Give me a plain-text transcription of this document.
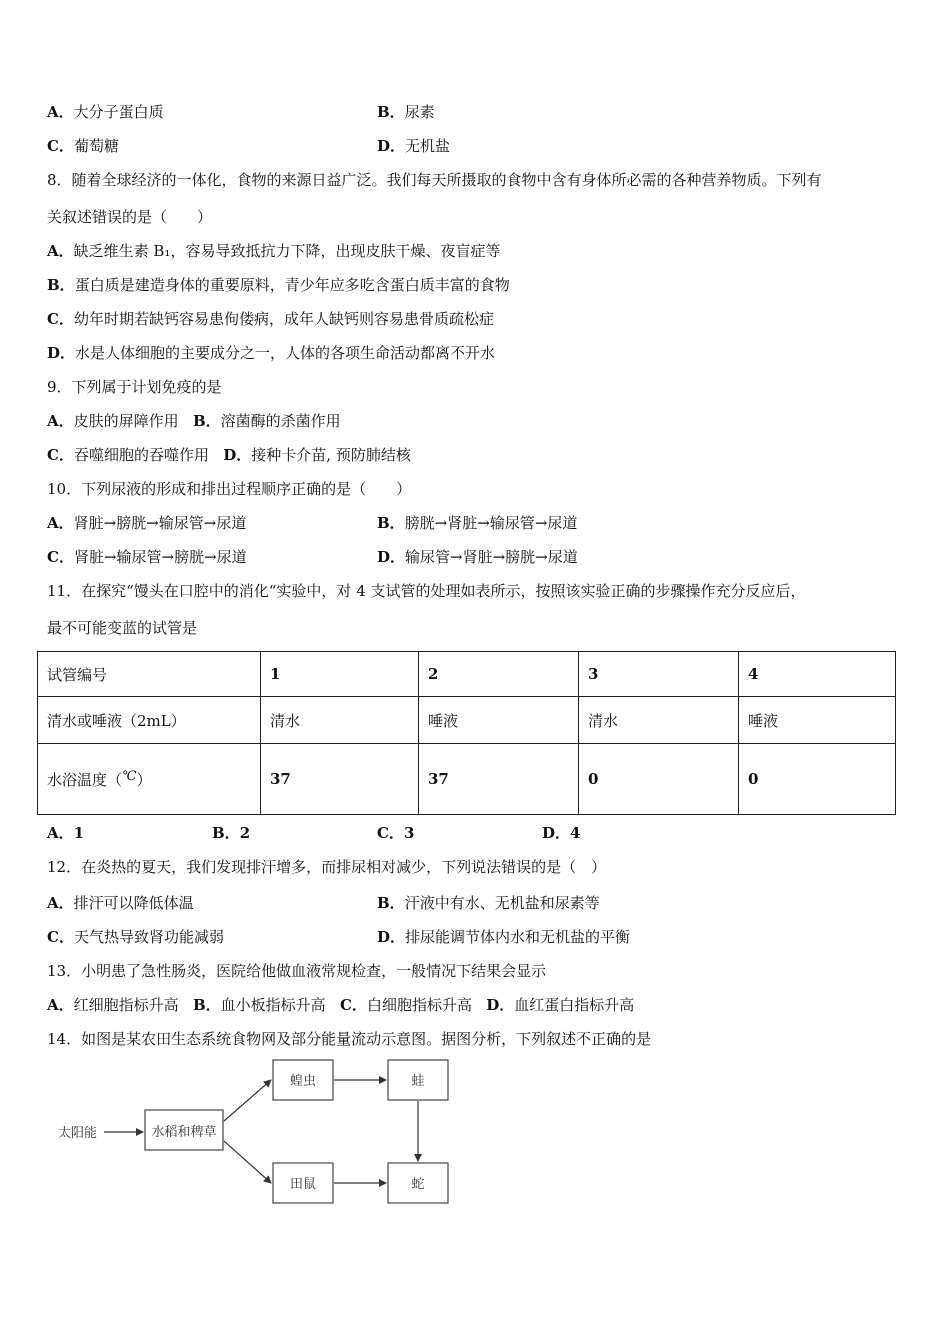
A．大分子蛋白质	B．尿素
C．葡萄糖	D．无机盐
8．随着全球经济的一体化，食物的来源日益广泛。我们每天所摄取的食物中含有身体所必需的各种营养物质。下列有
关叙述错误的是（　　）
A．缺乏维生素 B₁，容易导致抵抗力下降，出现皮肤干燥、夜盲症等
B．蛋白质是建造身体的重要原料，青少年应多吃含蛋白质丰富的食物
C．幼年时期若缺钙容易患佝偻病，成年人缺钙则容易患骨质疏松症
D．水是人体细胞的主要成分之一，人体的各项生命活动都离不开水
9．下列属于计划免疫的是
A．皮肤的屏障作用 B．溶菌酶的杀菌作用
C．吞噬细胞的吞噬作用 D．接种卡介苗, 预防肺结核
10．下列尿液的形成和排出过程顺序正确的是（　　）
A．肾脏→膀胱→输尿管→尿道	B．膀胱→肾脏→输尿管→尿道
C．肾脏→输尿管→膀胱→尿道	D．输尿管→肾脏→膀胱→尿道
11．在探究“馒头在口腔中的消化“实验中，对 4 支试管的处理如表所示，按照该实验正确的步骤操作充分反应后，
最不可能变蓝的试管是
试管编号	1	2	3	4
清水或唾液（2mL）	清水	唾液	清水	唾液
水浴温度（℃）	37	37	0	0
A．1	B．2	C．3	D．4
12．在炎热的夏天，我们发现排汗增多，而排尿相对减少，下列说法错误的是（　）
A．排汗可以降低体温	B．汗液中有水、无机盐和尿素等
C．天气热导致肾功能减弱	D．排尿能调节体内水和无机盐的平衡
13．小明患了急性肠炎，医院给他做血液常规检查，一般情况下结果会显示
A．红细胞指标升高 B．血小板指标升高 C．白细胞指标升高 D．血红蛋白指标升高
14．如图是某农田生态系统食物网及部分能量流动示意图。据图分析，下列叙述不正确的是
太阳能	水稻和稗草
蝗虫	蛙
田鼠	蛇
